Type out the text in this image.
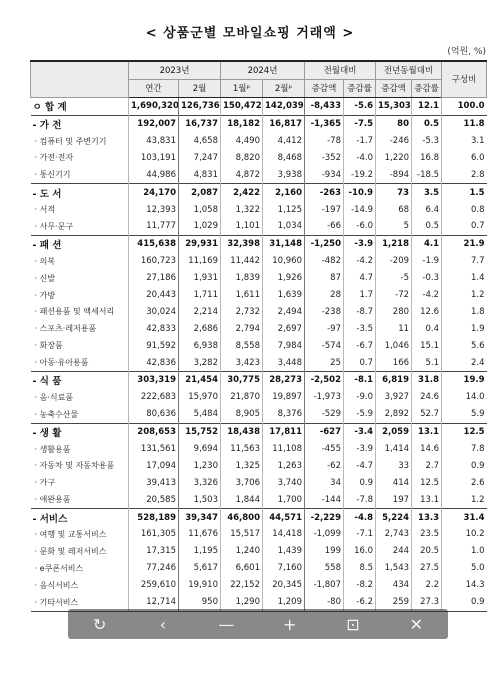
< 상품군별 모바일쇼핑 거래액 >
(억원, %)
	2023년		2024년		전월대비		전년동월대비		구성비
	연간	2월	1월ᵖ	2월ᵖ	증감액	증감률	증감액	증감률	
ㅇ 합 계	1,690,320	126,736	150,472	142,039	-8,433	-5.6	15,303	12.1	100.0
- 가 전	192,007	16,737	18,182	16,817	-1,365	-7.5	80	0.5	11.8
· 컴퓨터 및 주변기기	43,831	4,658	4,490	4,412	-78	-1.7	-246	-5.3	3.1
· 가전·전자	103,191	7,247	8,820	8,468	-352	-4.0	1,220	16.8	6.0
· 통신기기	44,986	4,831	4,872	3,938	-934	-19.2	-894	-18.5	2.8
- 도 서	24,170	2,087	2,422	2,160	-263	-10.9	73	3.5	1.5
· 서적	12,393	1,058	1,322	1,125	-197	-14.9	68	6.4	0.8
· 사무·문구	11,777	1,029	1,101	1,034	-66	-6.0	5	0.5	0.7
- 패 션	415,638	29,931	32,398	31,148	-1,250	-3.9	1,218	4.1	21.9
· 의복	160,723	11,169	11,442	10,960	-482	-4.2	-209	-1.9	7.7
· 신발	27,186	1,931	1,839	1,926	87	4.7	-5	-0.3	1.4
· 가방	20,443	1,711	1,611	1,639	28	1.7	-72	-4.2	1.2
· 패션용품 및 액세서리	30,024	2,214	2,732	2,494	-238	-8.7	280	12.6	1.8
· 스포츠·레저용품	42,833	2,686	2,794	2,697	-97	-3.5	11	0.4	1.9
· 화장품	91,592	6,938	8,558	7,984	-574	-6.7	1,046	15.1	5.6
· 아동·유아용품	42,836	3,282	3,423	3,448	25	0.7	166	5.1	2.4
- 식 품	303,319	21,454	30,775	28,273	-2,502	-8.1	6,819	31.8	19.9
· 음·식료품	222,683	15,970	21,870	19,897	-1,973	-9.0	3,927	24.6	14.0
· 농축수산물	80,636	5,484	8,905	8,376	-529	-5.9	2,892	52.7	5.9
- 생 활	208,653	15,752	18,438	17,811	-627	-3.4	2,059	13.1	12.5
· 생활용품	131,561	9,694	11,563	11,108	-455	-3.9	1,414	14.6	7.8
· 자동차 및 자동차용품	17,094	1,230	1,325	1,263	-62	-4.7	33	2.7	0.9
· 가구	39,413	3,326	3,706	3,740	34	0.9	414	12.5	2.6
· 애완용품	20,585	1,503	1,844	1,700	-144	-7.8	197	13.1	1.2
- 서비스	528,189	39,347	46,800	44,571	-2,229	-4.8	5,224	13.3	31.4
· 여행 및 교통서비스	161,305	11,676	15,517	14,418	-1,099	-7.1	2,743	23.5	10.2
· 문화 및 레저서비스	17,315	1,195	1,240	1,439	199	16.0	244	20.5	1.0
· e쿠폰서비스	77,246	5,617	6,601	7,160	558	8.5	1,543	27.5	5.0
· 음식서비스	259,610	19,910	22,152	20,345	-1,807	-8.2	434	2.2	14.3
· 기타서비스	12,714	950	1,290	1,209	-80	-6.2	259	27.3	0.9
↻	‹	—	+	⊡	✕
